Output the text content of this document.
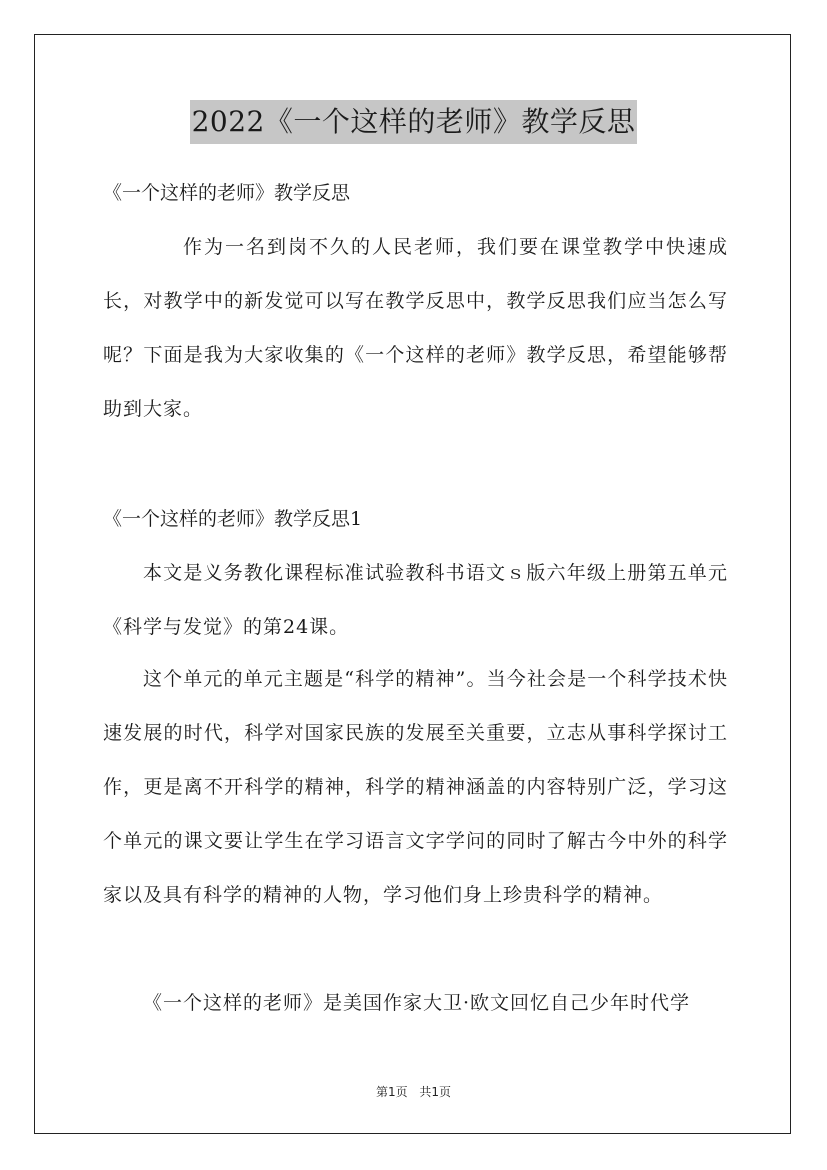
2022《一个这样的老师》教学反思

《一个这样的老师》教学反思

作为一名到岗不久的人民老师，我们要在课堂教学中快速成长，对教学中的新发觉可以写在教学反思中，教学反思我们应当怎么写呢？下面是我为大家收集的《一个这样的老师》教学反思，希望能够帮助到大家。

《一个这样的老师》教学反思1

本文是义务教化课程标准试验教科书语文ｓ版六年级上册第五单元《科学与发觉》的第24课。

这个单元的单元主题是“科学的精神”。当今社会是一个科学技术快速发展的时代，科学对国家民族的发展至关重要，立志从事科学探讨工作，更是离不开科学的精神，科学的精神涵盖的内容特别广泛，学习这个单元的课文要让学生在学习语言文字学问的同时了解古今中外的科学家以及具有科学的精神的人物，学习他们身上珍贵科学的精神。

《一个这样的老师》是美国作家大卫·欧文回忆自己少年时代学

第1页 共1页
